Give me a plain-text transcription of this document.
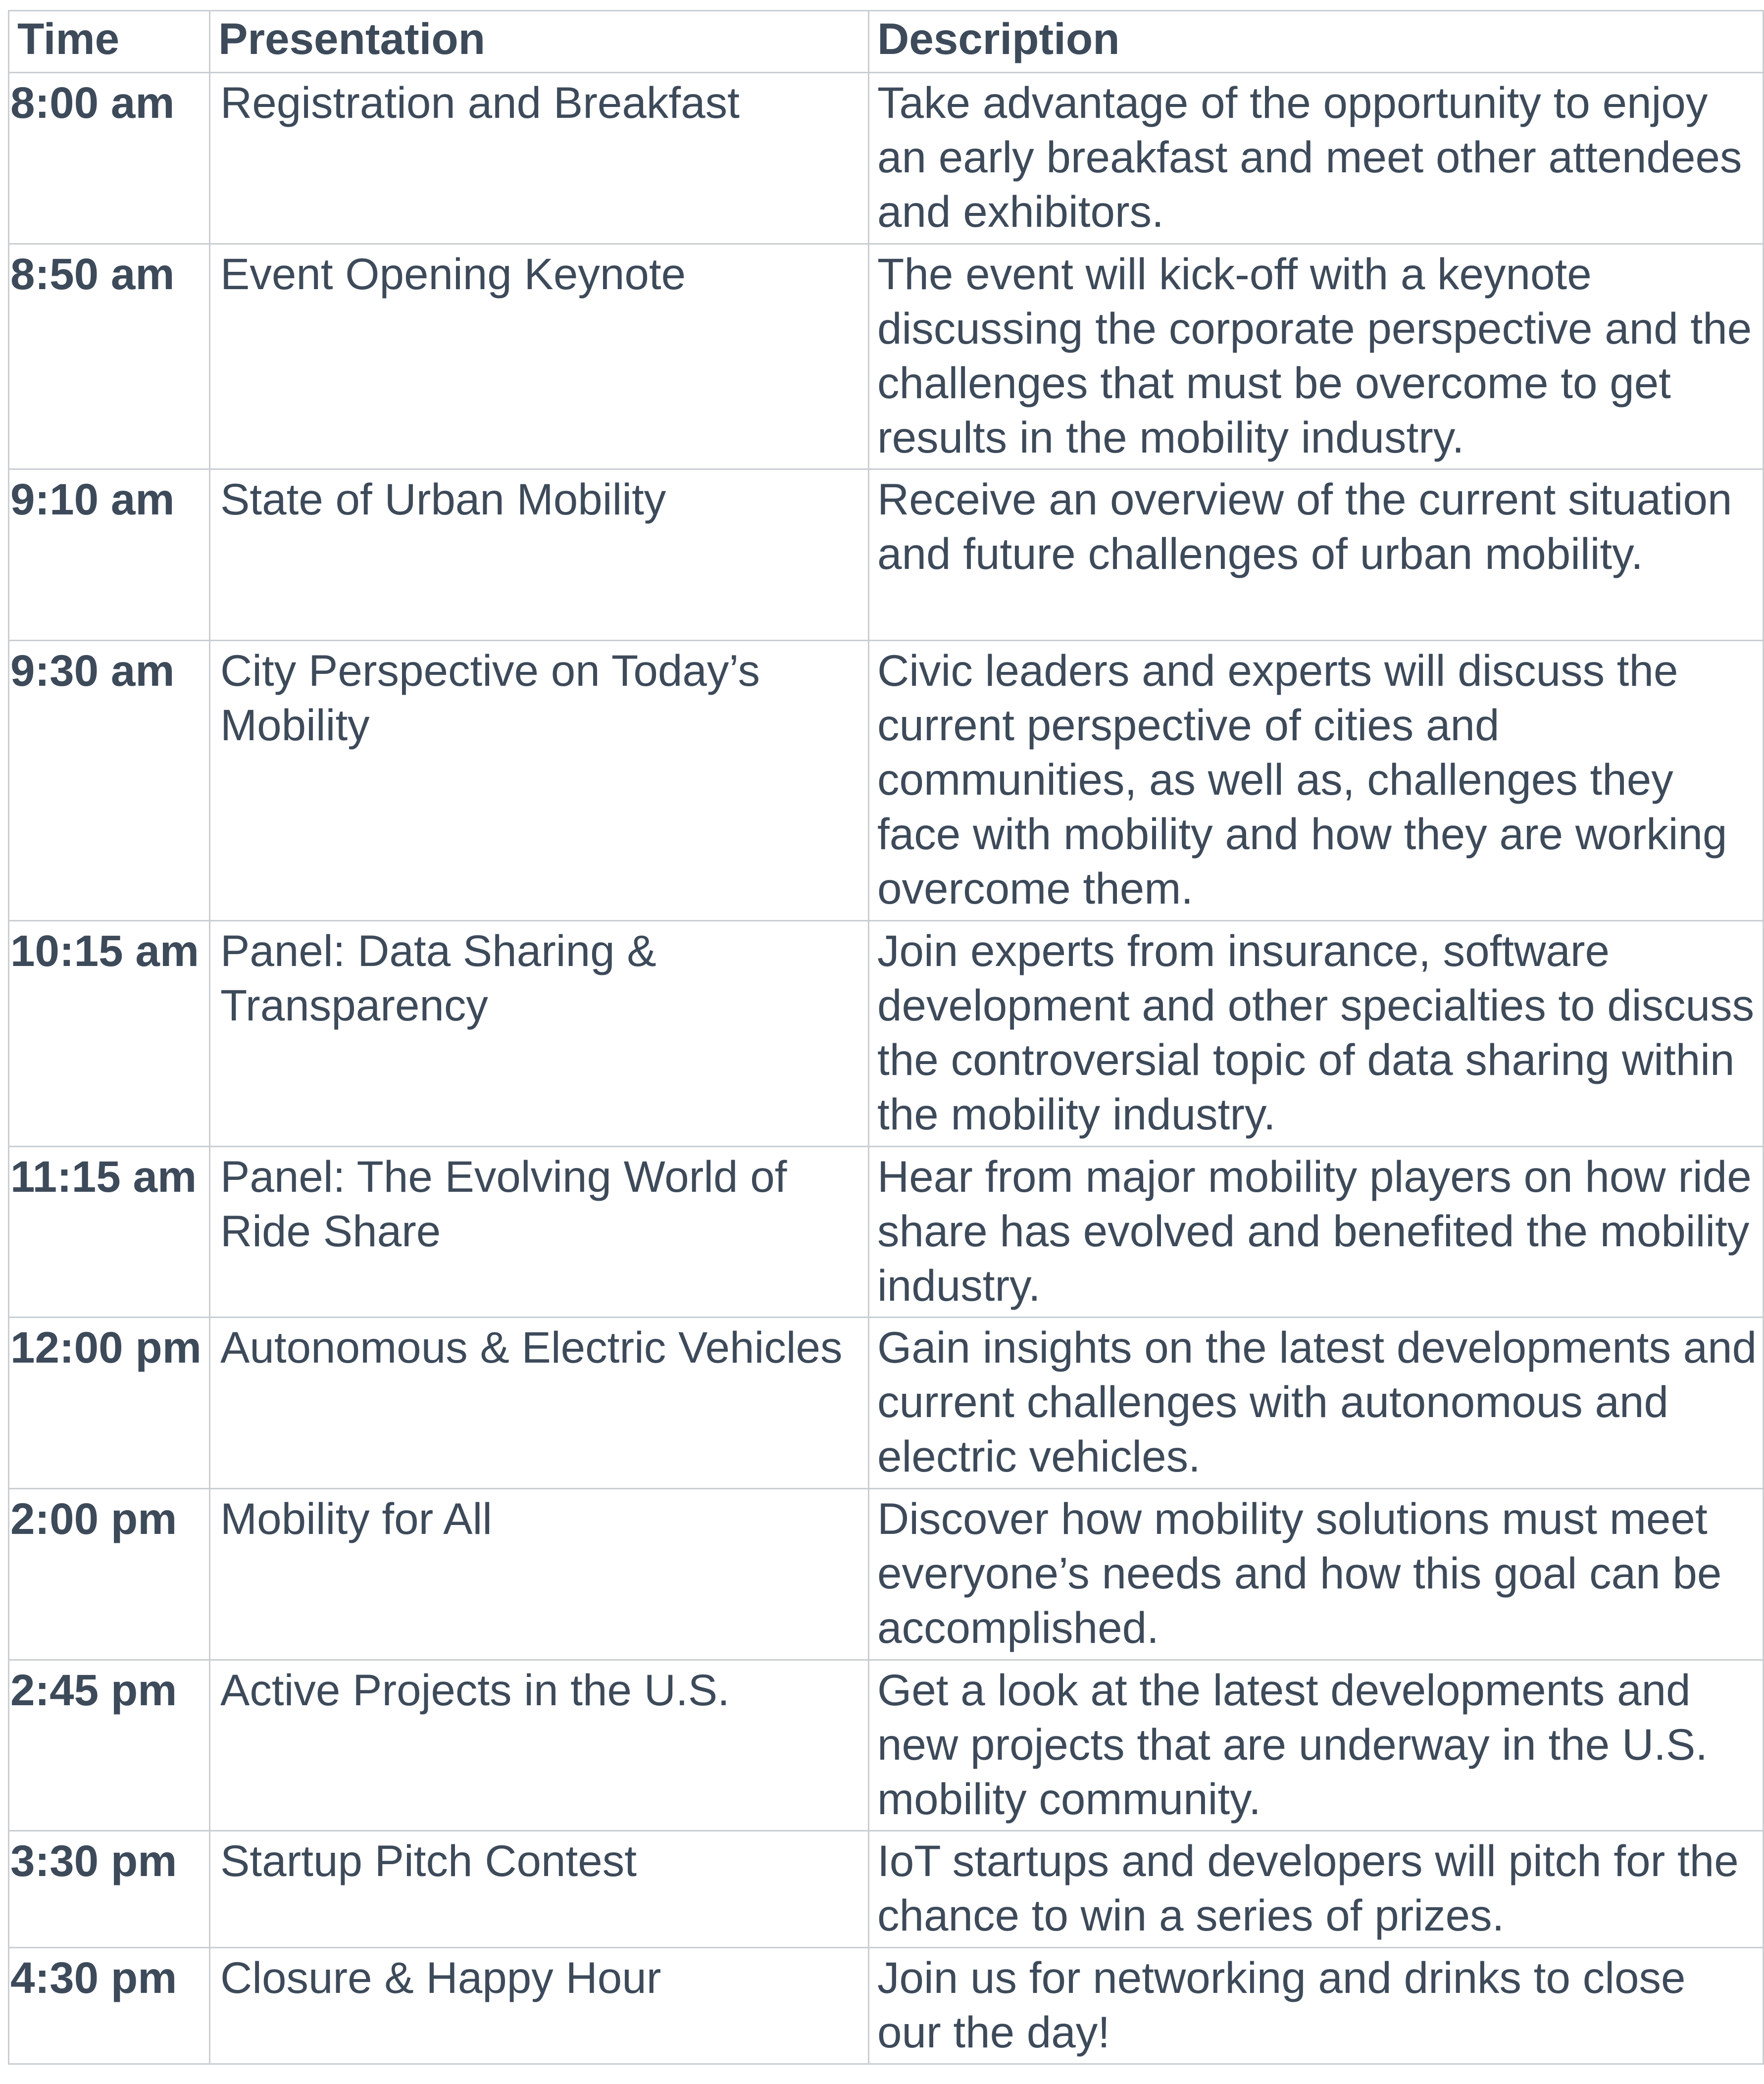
Time	Presentation	Description
8:00 am	Registration and Breakfast	Take advantage of the opportunity to enjoy an early breakfast and meet other attendees and exhibitors.
8:50 am	Event Opening Keynote	The event will kick-off with a keynote discussing the corporate perspective and the challenges that must be overcome to get results in the mobility industry.
9:10 am	State of Urban Mobility	Receive an overview of the current situation and future challenges of urban mobility.
9:30 am	City Perspective on Today’s Mobility	Civic leaders and experts will discuss the current perspective of cities and communities, as well as, challenges they face with mobility and how they are working overcome them.
10:15 am	Panel: Data Sharing & Transparency	Join experts from insurance, software development and other specialties to discuss the controversial topic of data sharing within the mobility industry.
11:15 am	Panel: The Evolving World of Ride Share	Hear from major mobility players on how ride share has evolved and benefited the mobility industry.
12:00 pm	Autonomous & Electric Vehicles	Gain insights on the latest developments and current challenges with autonomous and electric vehicles.
2:00 pm	Mobility for All	Discover how mobility solutions must meet everyone’s needs and how this goal can be accomplished.
2:45 pm	Active Projects in the U.S.	Get a look at the latest developments and new projects that are underway in the U.S. mobility community.
3:30 pm	Startup Pitch Contest	IoT startups and developers will pitch for the chance to win a series of prizes.
4:30 pm	Closure & Happy Hour	Join us for networking and drinks to close our the day!
